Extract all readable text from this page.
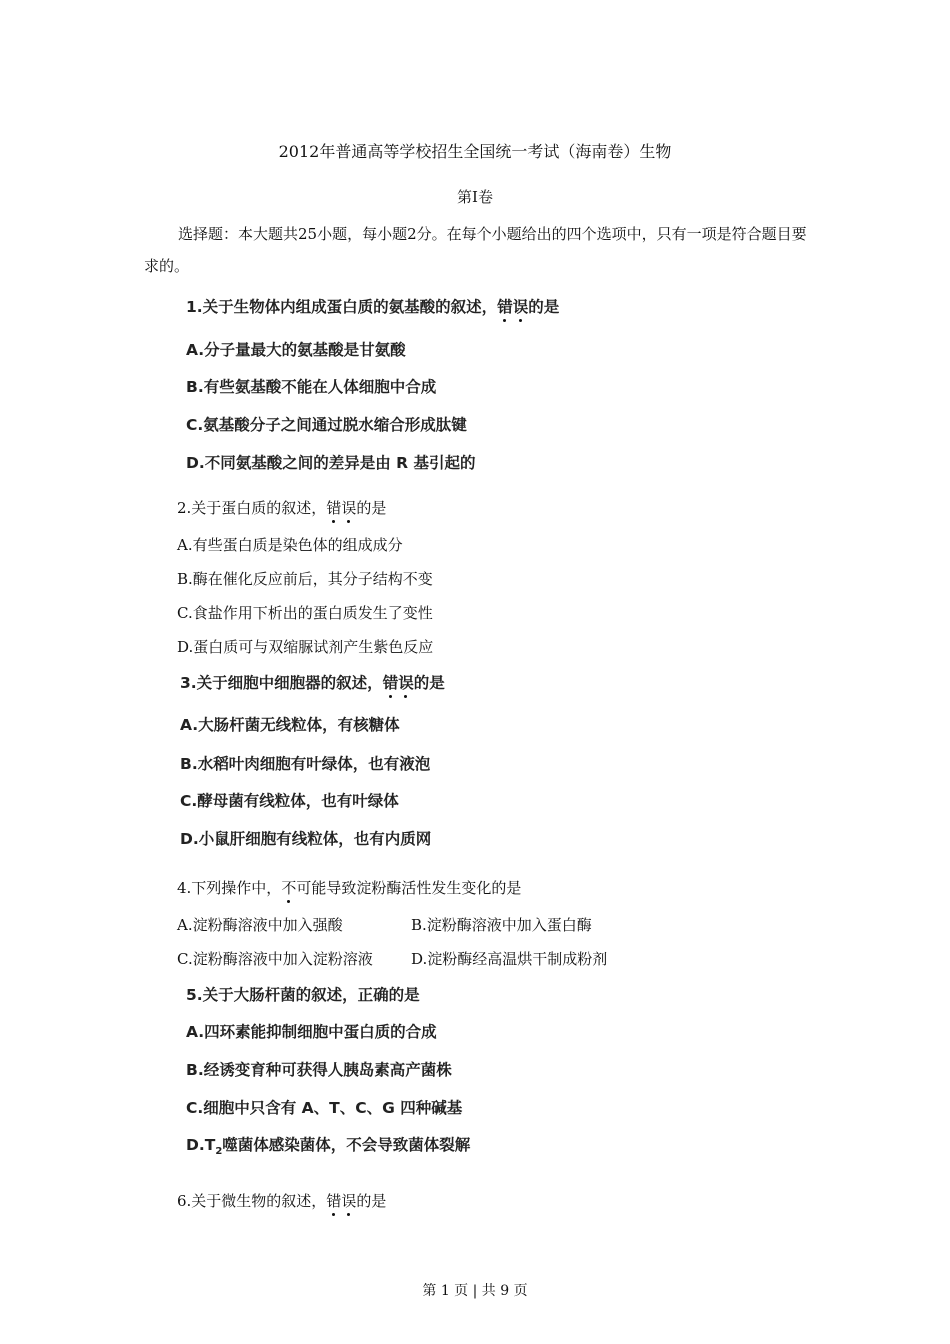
2012年普通高等学校招生全国统一考试（海南卷）生物
第I卷
选择题：本大题共25小题，每小题2分。在每个小题给出的四个选项中，只有一项是符合题目要求的。
1.关于生物体内组成蛋白质的氨基酸的叙述，错误的是
A.分子量最大的氨基酸是甘氨酸
B.有些氨基酸不能在人体细胞中合成
C.氨基酸分子之间通过脱水缩合形成肽键
D.不同氨基酸之间的差异是由 R 基引起的
2.关于蛋白质的叙述，错误的是
A.有些蛋白质是染色体的组成成分
B.酶在催化反应前后，其分子结构不变
C.食盐作用下析出的蛋白质发生了变性
D.蛋白质可与双缩脲试剂产生紫色反应
3.关于细胞中细胞器的叙述，错误的是
A.大肠杆菌无线粒体，有核糖体
B.水稻叶肉细胞有叶绿体，也有液泡
C.酵母菌有线粒体，也有叶绿体
D.小鼠肝细胞有线粒体，也有内质网
4.下列操作中，不可能导致淀粉酶活性发生变化的是
A.淀粉酶溶液中加入强酸	B.淀粉酶溶液中加入蛋白酶
C.淀粉酶溶液中加入淀粉溶液	D.淀粉酶经高温烘干制成粉剂
5.关于大肠杆菌的叙述，正确的是
A.四环素能抑制细胞中蛋白质的合成
B.经诱变育种可获得人胰岛素高产菌株
C.细胞中只含有 A、T、C、G 四种碱基
$D.T_2$噬菌体感染菌体，不会导致菌体裂解
6.关于微生物的叙述，错误的是
第 1 页 | 共 9 页
